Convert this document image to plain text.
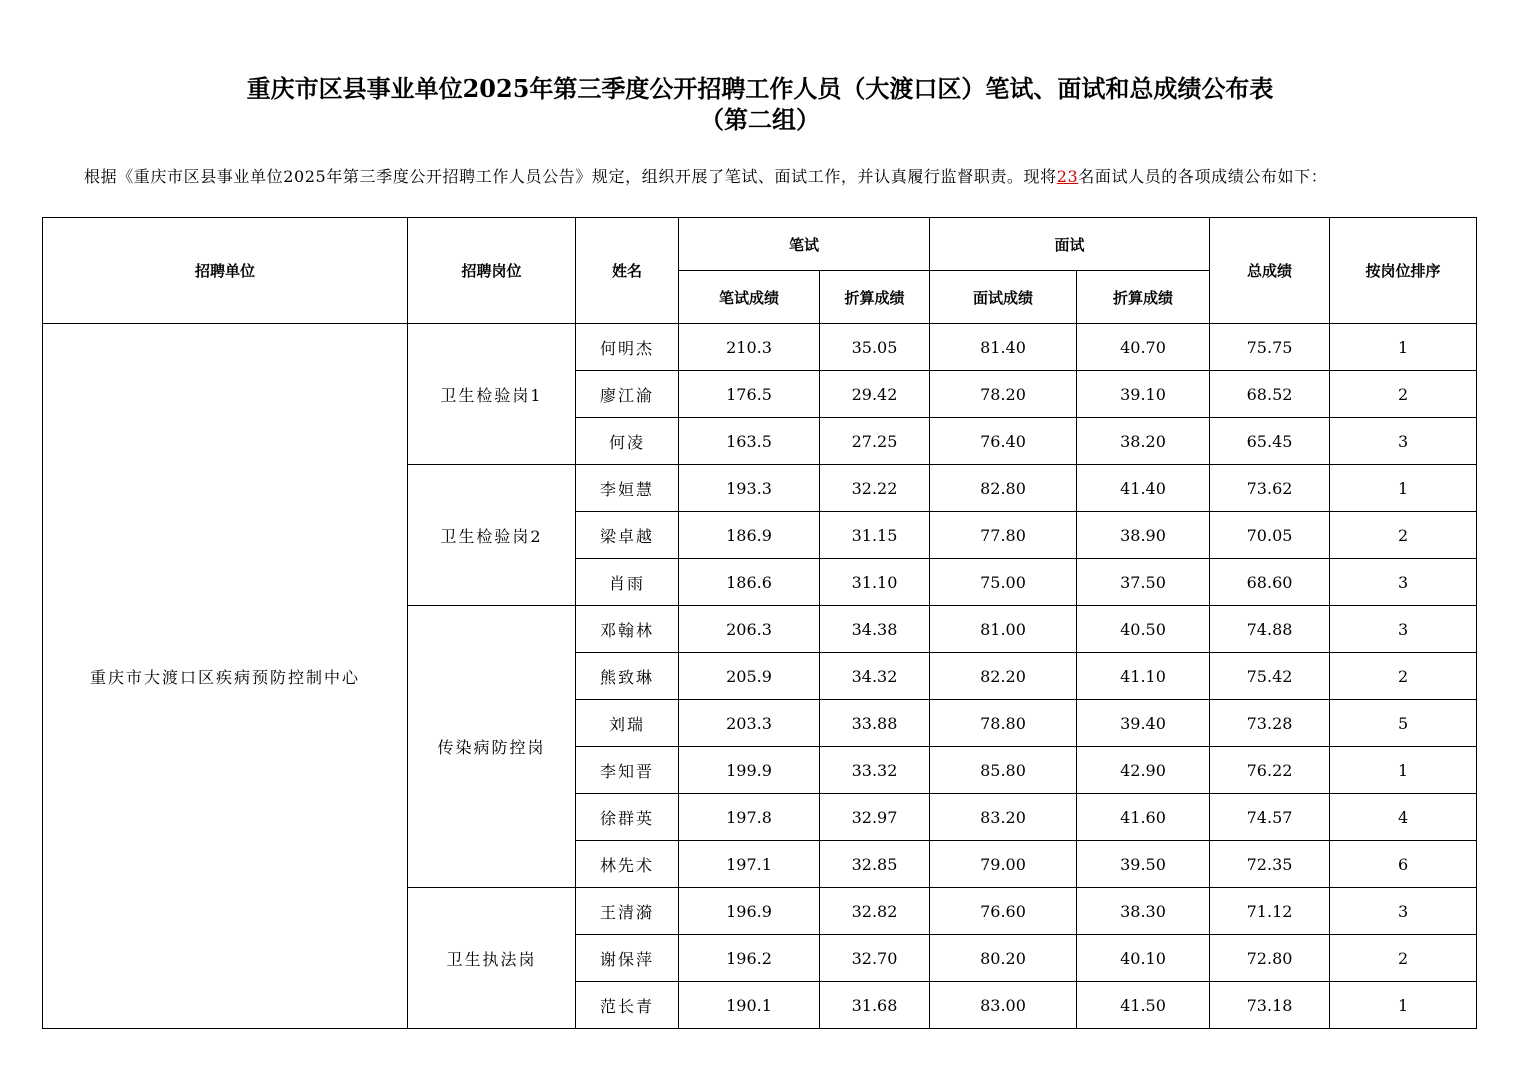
重庆市区县事业单位2025年第三季度公开招聘工作人员（大渡口区）笔试、面试和总成绩公布表
（第二组）
根据《重庆市区县事业单位2025年第三季度公开招聘工作人员公告》规定，组织开展了笔试、面试工作，并认真履行监督职责。现将23名面试人员的各项成绩公布如下：
招聘单位	招聘岗位	姓名	笔试		面试		总成绩	按岗位排序
			笔试成绩	折算成绩	面试成绩	折算成绩		
重庆市大渡口区疾病预防控制中心	卫生检验岗1	何明杰	210.3	35.05	81.40	40.70	75.75	1
		廖江渝	176.5	29.42	78.20	39.10	68.52	2
		何凌	163.5	27.25	76.40	38.20	65.45	3
	卫生检验岗2	李姮慧	193.3	32.22	82.80	41.40	73.62	1
		梁卓越	186.9	31.15	77.80	38.90	70.05	2
		肖雨	186.6	31.10	75.00	37.50	68.60	3
	传染病防控岗	邓翰林	206.3	34.38	81.00	40.50	74.88	3
		熊致琳	205.9	34.32	82.20	41.10	75.42	2
		刘瑞	203.3	33.88	78.80	39.40	73.28	5
		李知晋	199.9	33.32	85.80	42.90	76.22	1
		徐群英	197.8	32.97	83.20	41.60	74.57	4
		林先术	197.1	32.85	79.00	39.50	72.35	6
	卫生执法岗	王清漪	196.9	32.82	76.60	38.30	71.12	3
		谢保萍	196.2	32.70	80.20	40.10	72.80	2
		范长青	190.1	31.68	83.00	41.50	73.18	1
